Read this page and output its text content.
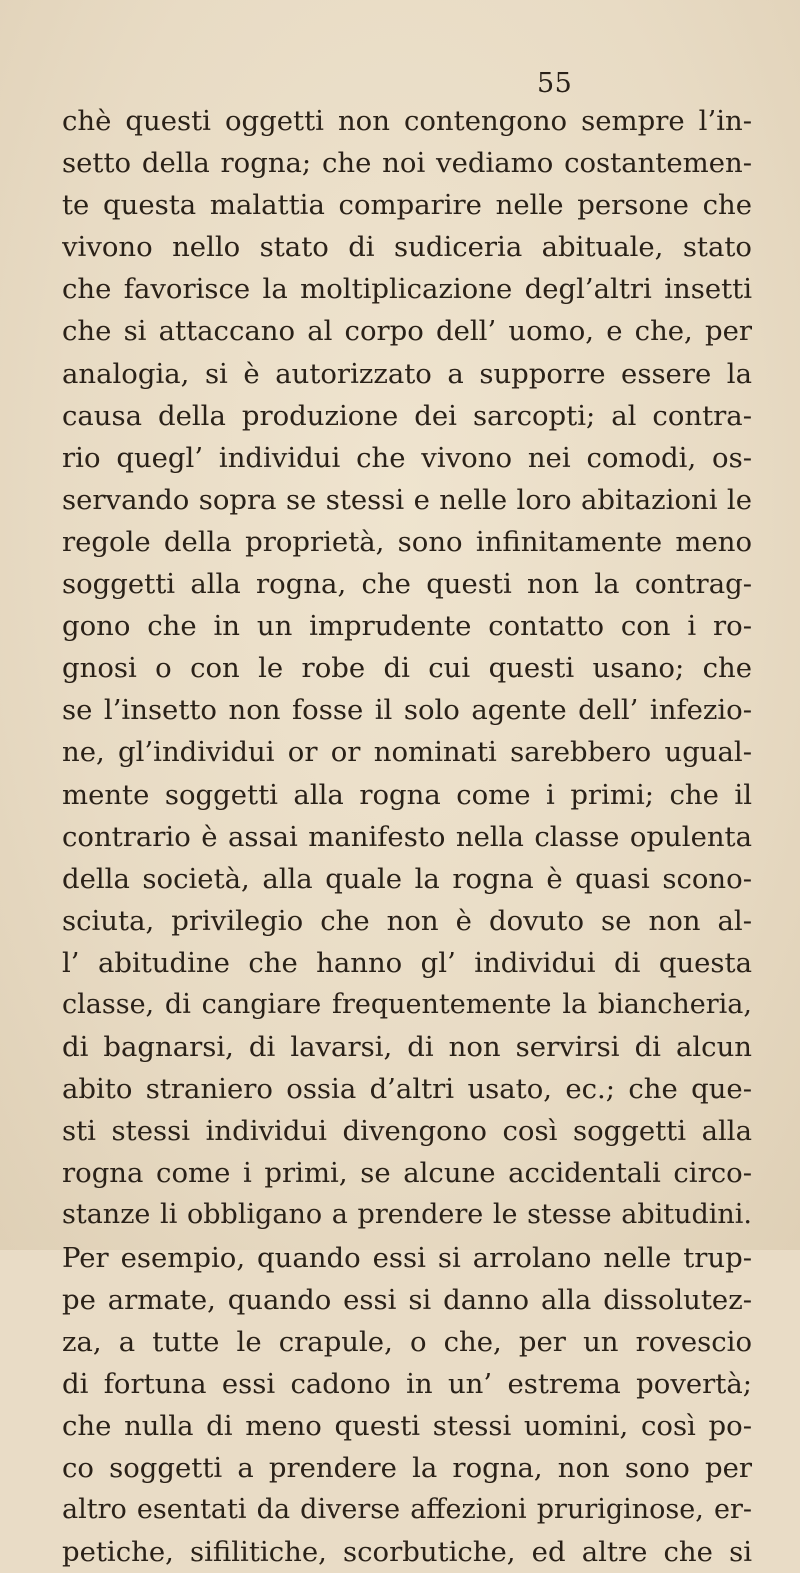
55
chè questi oggetti non contengono sempre l’in-
setto della rogna; che noi vediamo costantemen-
te questa malattia comparire nelle persone che
vivono nello stato di sudiceria abituale, stato
che favorisce la moltiplicazione degl’altri insetti
che si attaccano al corpo dell’ uomo, e che, per
analogia, si è autorizzato a supporre essere la
causa della produzione dei sarcopti; al contra-
rio quegl’ individui che vivono nei comodi, os-
servando sopra se stessi e nelle loro abitazioni le
regole della proprietà, sono infinitamente meno
soggetti alla rogna, che questi non la contrag-
gono che in un imprudente contatto con i ro-
gnosi o con le robe di cui questi usano; che
se l’insetto non fosse il solo agente dell’ infezio-
ne, gl’individui or or nominati sarebbero ugual-
mente soggetti alla rogna come i primi; che il
contrario è assai manifesto nella classe opulenta
della società, alla quale la rogna è quasi scono-
sciuta, privilegio che non è dovuto se non al-
l’ abitudine che hanno gl’ individui di questa
classe, di cangiare frequentemente la biancheria,
di bagnarsi, di lavarsi, di non servirsi di alcun
abito straniero ossia d’altri usato, ec.; che que-
sti stessi individui divengono così soggetti alla
rogna come i primi, se alcune accidentali circo-
stanze li obbligano a prendere le stesse abitudini.
Per esempio, quando essi si arrolano nelle trup-
pe armate, quando essi si danno alla dissolutez-
za, a tutte le crapule, o che, per un rovescio
di fortuna essi cadono in un’ estrema povertà;
che nulla di meno questi stessi uomini, così po-
co soggetti a prendere la rogna, non sono per
altro esentati da diverse affezioni pruriginose, er-
petiche, sifilitiche, scorbutiche, ed altre che si
